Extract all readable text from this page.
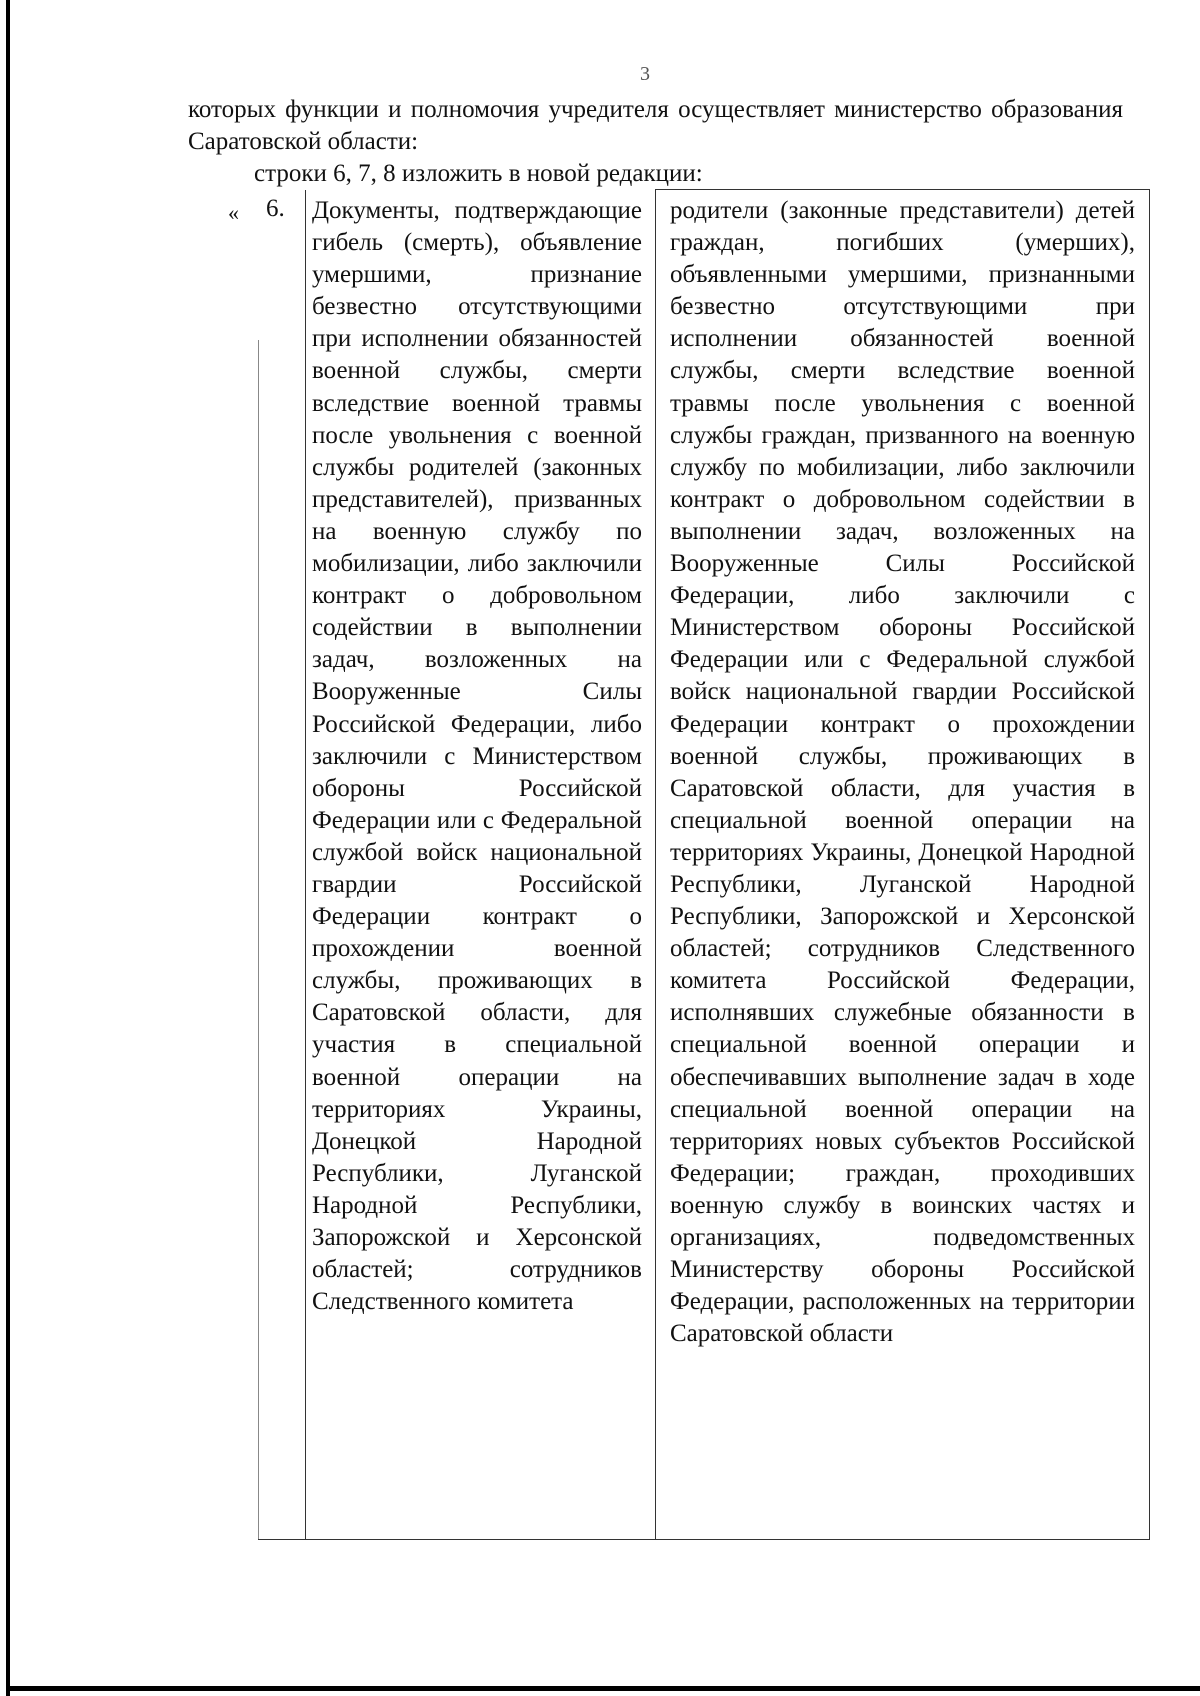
3
которых функции и полномочия учредителя осуществляет министерство образования Саратовской области:
строки 6, 7, 8 изложить в новой редакции:
« 6. Документы, подтверждающие гибель (смерть), объявление умершими, признание безвестно отсутствующими при исполнении обязанностей военной службы, смерти вследствие военной травмы после увольнения с военной службы родителей (законных представителей), призванных на военную службу по мобилизации, либо заключили контракт о добровольном содействии в выполнении задач, возложенных на Вооруженные Силы Российской Федерации, либо заключили с Министерством обороны Российской Федерации или с Федеральной службой войск национальной гвардии Российской Федерации контракт о прохождении военной службы, проживающих в Саратовской области, для участия в специальной военной операции на территориях Украины, Донецкой Народной Республики, Луганской Народной Республики, Запорожской и Херсонской областей; сотрудников Следственного комитета
родители (законные представители) детей граждан, погибших (умерших), объявленными умершими, признанными безвестно отсутствующими при исполнении обязанностей военной службы, смерти вследствие военной травмы после увольнения с военной службы граждан, призванного на военную службу по мобилизации, либо заключили контракт о добровольном содействии в выполнении задач, возложенных на Вооруженные Силы Российской Федерации, либо заключили с Министерством обороны Российской Федерации или с Федеральной службой войск национальной гвардии Российской Федерации контракт о прохождении военной службы, проживающих в Саратовской области, для участия в специальной военной операции на территориях Украины, Донецкой Народной Республики, Луганской Народной Республики, Запорожской и Херсонской областей; сотрудников Следственного комитета Российской Федерации, исполнявших служебные обязанности в специальной военной операции и обеспечивавших выполнение задач в ходе специальной военной операции на территориях новых субъектов Российской Федерации; граждан, проходивших военную службу в воинских частях и организациях, подведомственных Министерству обороны Российской Федерации, расположенных на территории Саратовской области
